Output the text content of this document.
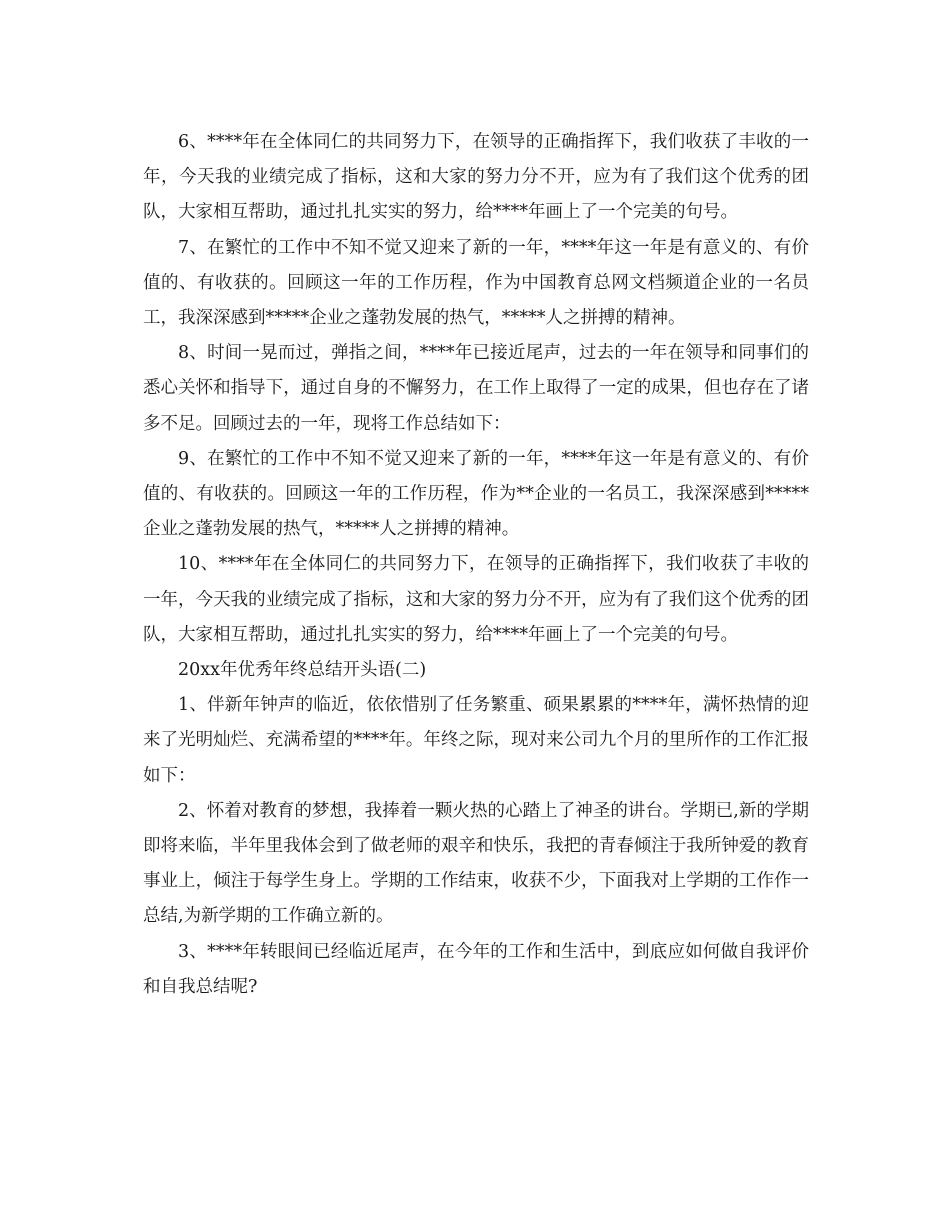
6、****年在全体同仁的共同努力下，在领导的正确指挥下，我们收获了丰收的一年，今天我的业绩完成了指标，这和大家的努力分不开，应为有了我们这个优秀的团队，大家相互帮助，通过扎扎实实的努力，给****年画上了一个完美的句号。

7、在繁忙的工作中不知不觉又迎来了新的一年，****年这一年是有意义的、有价值的、有收获的。回顾这一年的工作历程，作为中国教育总网文档频道企业的一名员工，我深深感到*****企业之蓬勃发展的热气，*****人之拼搏的精神。

8、时间一晃而过，弹指之间，****年已接近尾声，过去的一年在领导和同事们的悉心关怀和指导下，通过自身的不懈努力，在工作上取得了一定的成果，但也存在了诸多不足。回顾过去的一年，现将工作总结如下：

9、在繁忙的工作中不知不觉又迎来了新的一年，****年这一年是有意义的、有价值的、有收获的。回顾这一年的工作历程，作为**企业的一名员工，我深深感到*****企业之蓬勃发展的热气，*****人之拼搏的精神。

10、****年在全体同仁的共同努力下，在领导的正确指挥下，我们收获了丰收的一年，今天我的业绩完成了指标，这和大家的努力分不开，应为有了我们这个优秀的团队，大家相互帮助，通过扎扎实实的努力，给****年画上了一个完美的句号。

20xx年优秀年终总结开头语(二)

1、伴新年钟声的临近，依依惜别了任务繁重、硕果累累的****年，满怀热情的迎来了光明灿烂、充满希望的****年。年终之际，现对来公司九个月的里所作的工作汇报如下：

2、怀着对教育的梦想，我捧着一颗火热的心踏上了神圣的讲台。学期已,新的学期即将来临，半年里我体会到了做老师的艰辛和快乐，我把的青春倾注于我所钟爱的教育事业上，倾注于每学生身上。学期的工作结束，收获不少，下面我对上学期的工作作一总结,为新学期的工作确立新的。

3、****年转眼间已经临近尾声，在今年的工作和生活中，到底应如何做自我评价和自我总结呢?
